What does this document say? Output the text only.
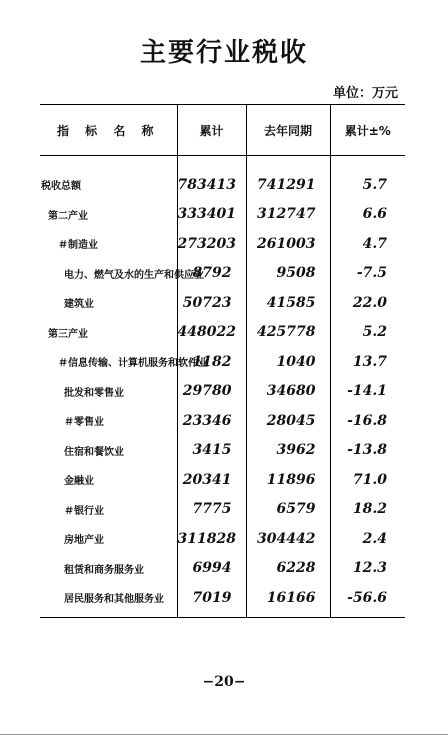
主要行业税收
单位：万元
指 标 名 称	累计	去年同期	累计±%
税收总额	783413	741291	5.7
第二产业	333401	312747	6.6
＃制造业	273203	261003	4.7
电力、燃气及水的生产和供应业	8792	9508	-7.5
建筑业	50723	41585	22.0
第三产业	448022	425778	5.2
＃信息传输、计算机服务和软件业	1182	1040	13.7
批发和零售业	29780	34680	-14.1
＃零售业	23346	28045	-16.8
住宿和餐饮业	3415	3962	-13.8
金融业	20341	11896	71.0
＃银行业	7775	6579	18.2
房地产业	311828	304442	2.4
租赁和商务服务业	6994	6228	12.3
居民服务和其他服务业	7019	16166	-56.6
−20−
